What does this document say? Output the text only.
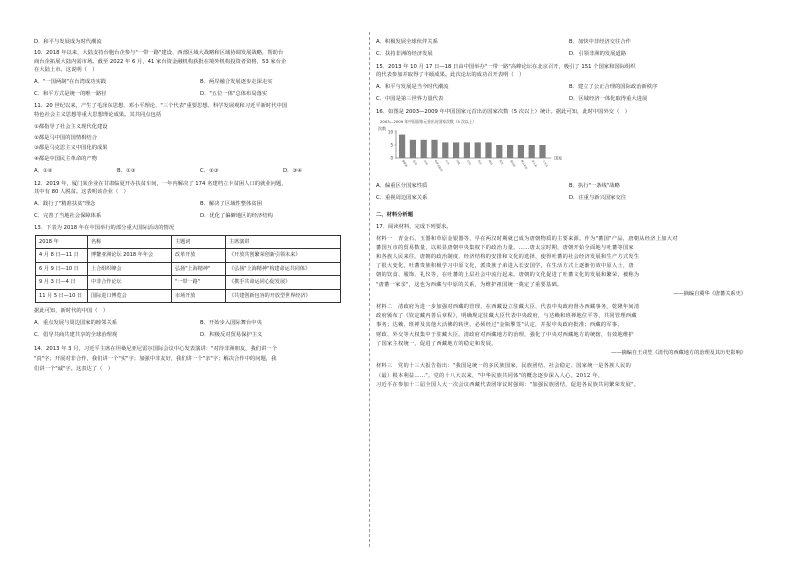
D．和平与发展成为时代潮流
10．2018 年以来，大陆支持台胞台企参与"一带一路"建设、西部区域大战略和区域协调发展战略，帮助台
商台企拓展大陆内需市场。截至 2022 年 6 月，41 家台资金融机构获批在境外机构投资者资格，53 家台企
在大陆上市。这说明（　）
A．"一国两制"在台湾成功实践	B．两岸融合发展逐步走深走实
C．和平方式是统一的唯一路径	D．"五位一体"总体布局落实
11．20 世纪以来，产生了毛泽东思想、邓小平理论、"三个代表"重要思想、科学发展观和习近平新时代中国
特色社会主义思想等重大思想理论成果。其共同点包括
①都指导了社会主义现代化建设
②都是马中国的国情相结合
③都是马克思主义中国化的成果
④都是中国民主革命的产物
A．①②	B．①③	C．②③	D．③④
12．2019 年，厦门某企业在甘肃临夏开办扶贫车间，一年内解决了 174 名建档立卡贫困人口的就业问题，
其中有 80 人脱贫。这表明该企业（　）
A．践行了"精准扶贫"理念	B．解决了区域性整体贫困
C．完善了当地社会保障体系	D．优化了偏僻地区的经济结构
13．下表为 2018 年在中国举行的部分重大国际活动的情况
2018 年	名称	主题词	主席演讲
4 月 8 日—11 日	博鳌亚洲论坛 2018 年年会	改革开放	《开放共创繁荣创新引领未来》
6 月 9 日—10 日	上合组织峰会	弘扬"上海精神"	《弘扬"上海精神"构建命运共同体》
9 月 3 日—4 日	中非合作论坛	"一带一路"	《携手共命运同心促发展》
11 月 5 日—10 日	国际进口博览会	市场开放	《共建创新包容的开放型世界经济》
据此可知，新时代的中国（　）
A．重点发展与周边国家的睦邻关系	B．开始步入国际舞台中央
C．倡导共商共建共享的全球治理观	D．积极反对贸易保护主义
14．2013 年 3 月，习近平主席在坦桑尼亚尼雷尔国际会议中心发表演讲："对待非洲朋友，我们讲一个
"真"字；开展对非合作，我们讲一个"实"字；加强中非友好，我们讲一个"亲"字；解决合作中的问题，我
们讲一个"诚"字。这表达了（　）
A．积极发展全球伙伴关系	B．加快中非经济交往合作
C．扶持非洲的经济发展	D．引领非洲的发展道路
15．2013 年 10 月 17 日—18 日由中国举办"一带一路"高峰论坛在北京召开，吸引了 151 个国家和国际组织
的代表参加并取得了丰硕成果。此次论坛的成功召开表明（　）
A．和平与发展是当今时代潮流	B．建立了公正合理的国际政治新秩序
C．中国是第三世界力量代表	D．区域经济一体化取得重大进展
16．如图是 2003—2009 年中国国家元首出访国家次数（5 次以上）统计。据此可知，此时中国外交（　）
2003—2009 年中国国家元首出访国家次数（5 次以上）
次数
0
5
10
俄罗斯	美国	法国	哈萨克斯坦 日本	印度	巴西	南非	德国	埃及	墨西哥	澳大利亚	意大利	土耳其
国家
A．偏重区分国家性质	B．执行"一条线"战略
C．重视周边国家关系	D．注重与新兴国家交往
二、材料分析题
17．阅读材料，完成下列要求。
材料一　青金石、玉器和草原金银器等，早在两汉时期就已成为唐朝物质的主要来源。作为"蕃国"产品，唐朝从经济上加大对
蕃国互市的贸易数量，以彰显唐朝中央集权下的政治力量。……唐太宗时期，唐朝开始全面地与吐蕃等国家
和各族人民来往。唐朝的政治制度、经济结构的安排和文化的选择，使得吐蕃的社会经济发展和生产方式发生
了很大变化。吐蕃贵族积极学习中原文化，派贵族子弟进入长安国学，在生活方式上逐渐仿效中原人士，唐
朝的饮食、服饰、礼仪等，在吐蕃的上层社会中流行起来。唐朝的文化促进了吐蕃文化的发展和繁荣，被称为
"唐蕃一家亲"，这也为西藏与中原的关系，为维护祖国统一奠定了重要基础。
——摘编自冀华《唐蕃关系史》
材料二　清政府为进一步加强对西藏的管理，在西藏设立驻藏大臣，代表中央政府督办西藏事务。乾隆年间清
政府颁布了《钦定藏内善后章程》，明确规定驻藏大臣代表中央政府，与达赖和班禅地位平等，共同管理西藏
事务；达赖、班禅及其他大活佛的转世，必须经过"金瓶掣签"认定，并报中央政府批准；西藏的军事、
财政、外交等大权集中于驻藏大臣。清政府对西藏地方的治理，强化了中央对西藏地方的统辖，有效地维护
了国家主权统一，促进了西藏地方的稳定和发展。
——摘编自王戎笙《清代的西藏地方的治理及其历史影响》
材料三　党的十三大报告指出："我国是统一的多民族国家，民族团结、社会稳定、国家统一是各族人民的
（最）根本利益……"。党的十八大以来，"中华民族共同体"的概念逐步深入人心。2012 年，
习近平在参加十二届全国人大一次会议西藏代表团审议时强调："加强民族团结，促进各民族共同繁荣发展"。
